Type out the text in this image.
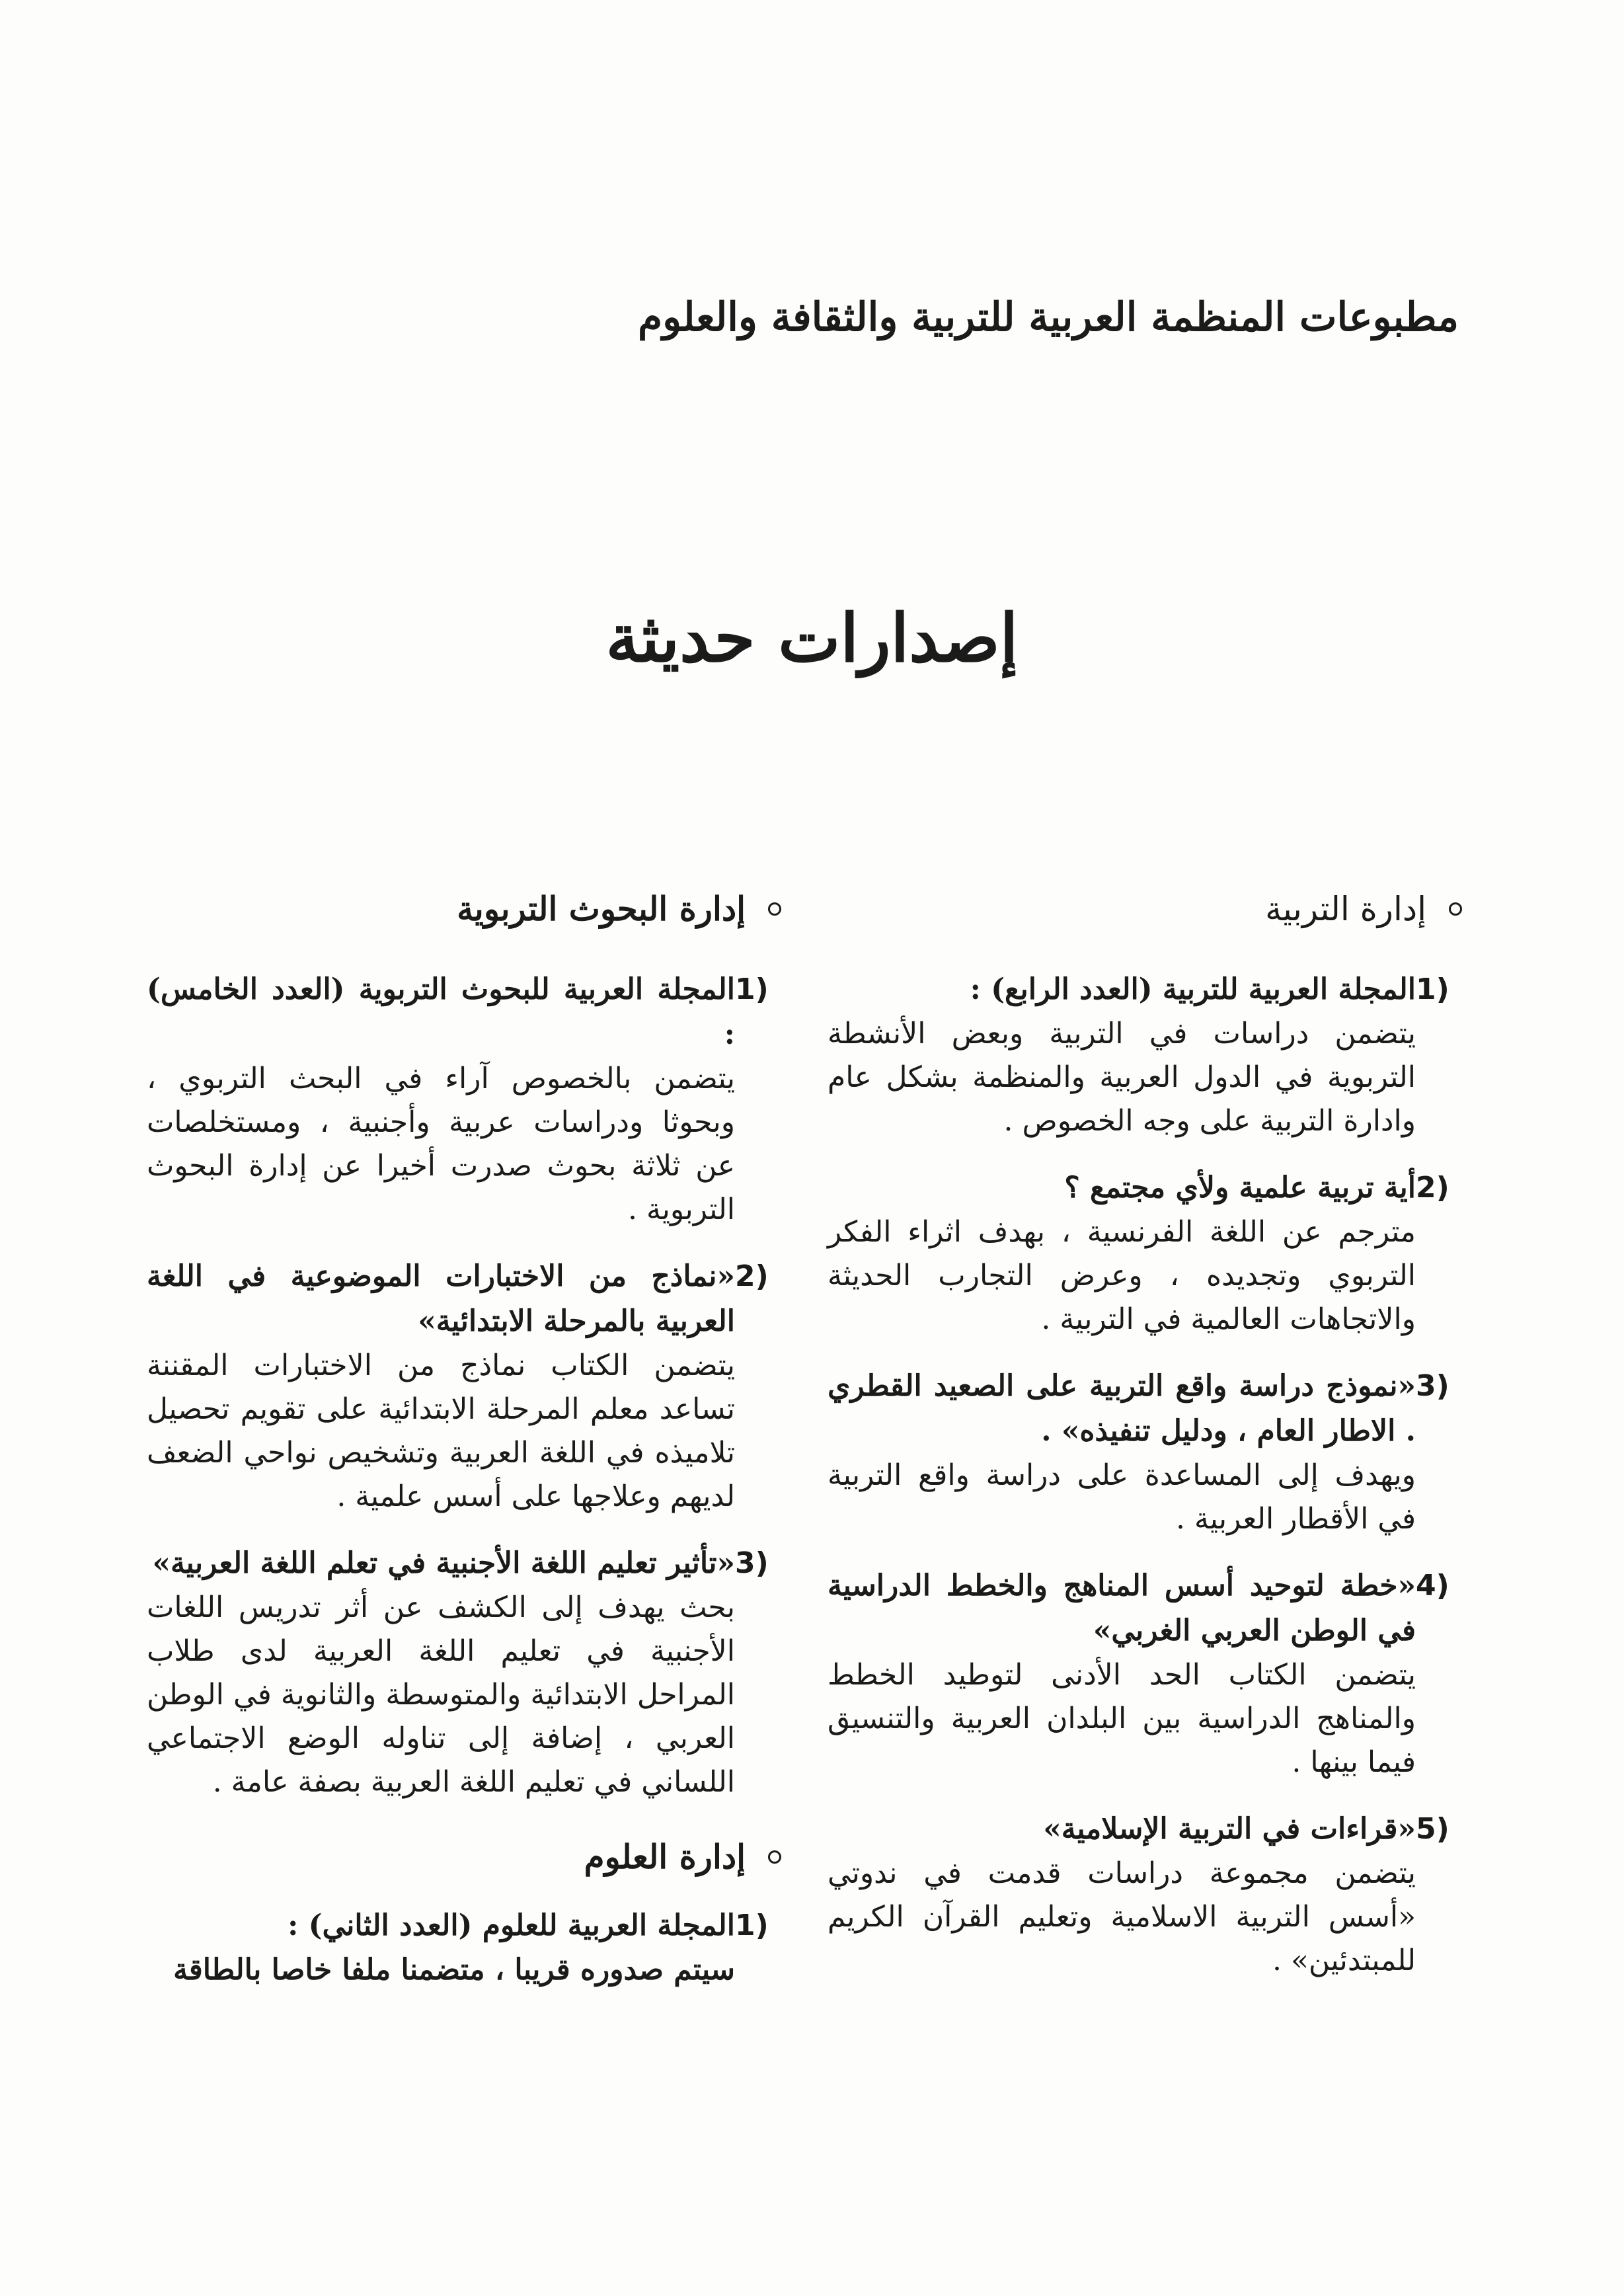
مطبوعات المنظمة العربية للتربية والثقافة والعلوم
إصدارات حديثة
إدارة التربية
1)
المجلة العربية للتربية (العدد الرابع) :
يتضمن دراسات في التربية وبعض الأنشطة التربوية في الدول العربية والمنظمة بشكل عام وادارة التربية على وجه الخصوص .
2)
أية تربية علمية ولأي مجتمع ؟
مترجم عن اللغة الفرنسية ، بهدف اثراء الفكر التربوي وتجديده ، وعرض التجارب الحديثة والاتجاهات العالمية في التربية .
3)
«نموذج دراسة واقع التربية على الصعيد القطري . الاطار العام ، ودليل تنفيذه» .
ويهدف إلى المساعدة على دراسة واقع التربية في الأقطار العربية .
4)
«خطة لتوحيد أسس المناهج والخطط الدراسية في الوطن العربي الغربي»
يتضمن الكتاب الحد الأدنى لتوطيد الخطط والمناهج الدراسية بين البلدان العربية والتنسيق فيما بينها .
5)
«قراءات في التربية الإسلامية»
يتضمن مجموعة دراسات قدمت في ندوتي «أسس التربية الاسلامية وتعليم القرآن الكريم للمبتدئين» .
إدارة البحوث التربوية
1)
المجلة العربية للبحوث التربوية (العدد الخامس) :
يتضمن بالخصوص آراء في البحث التربوي ، وبحوثا ودراسات عربية وأجنبية ، ومستخلصات عن ثلاثة بحوث صدرت أخيرا عن إدارة البحوث التربوية .
2)
«نماذج من الاختبارات الموضوعية في اللغة العربية بالمرحلة الابتدائية»
يتضمن الكتاب نماذج من الاختبارات المقننة تساعد معلم المرحلة الابتدائية على تقويم تحصيل تلاميذه في اللغة العربية وتشخيص نواحي الضعف لديهم وعلاجها على أسس علمية .
3)
«تأثير تعليم اللغة الأجنبية في تعلم اللغة العربية»
بحث يهدف إلى الكشف عن أثر تدريس اللغات الأجنبية في تعليم اللغة العربية لدى طلاب المراحل الابتدائية والمتوسطة والثانوية في الوطن العربي ، إضافة إلى تناوله الوضع الاجتماعي اللساني في تعليم اللغة العربية بصفة عامة .
إدارة العلوم
1)
المجلة العربية للعلوم (العدد الثاني) :
سيتم صدوره قريبا ، متضمنا ملفا خاصا بالطاقة
